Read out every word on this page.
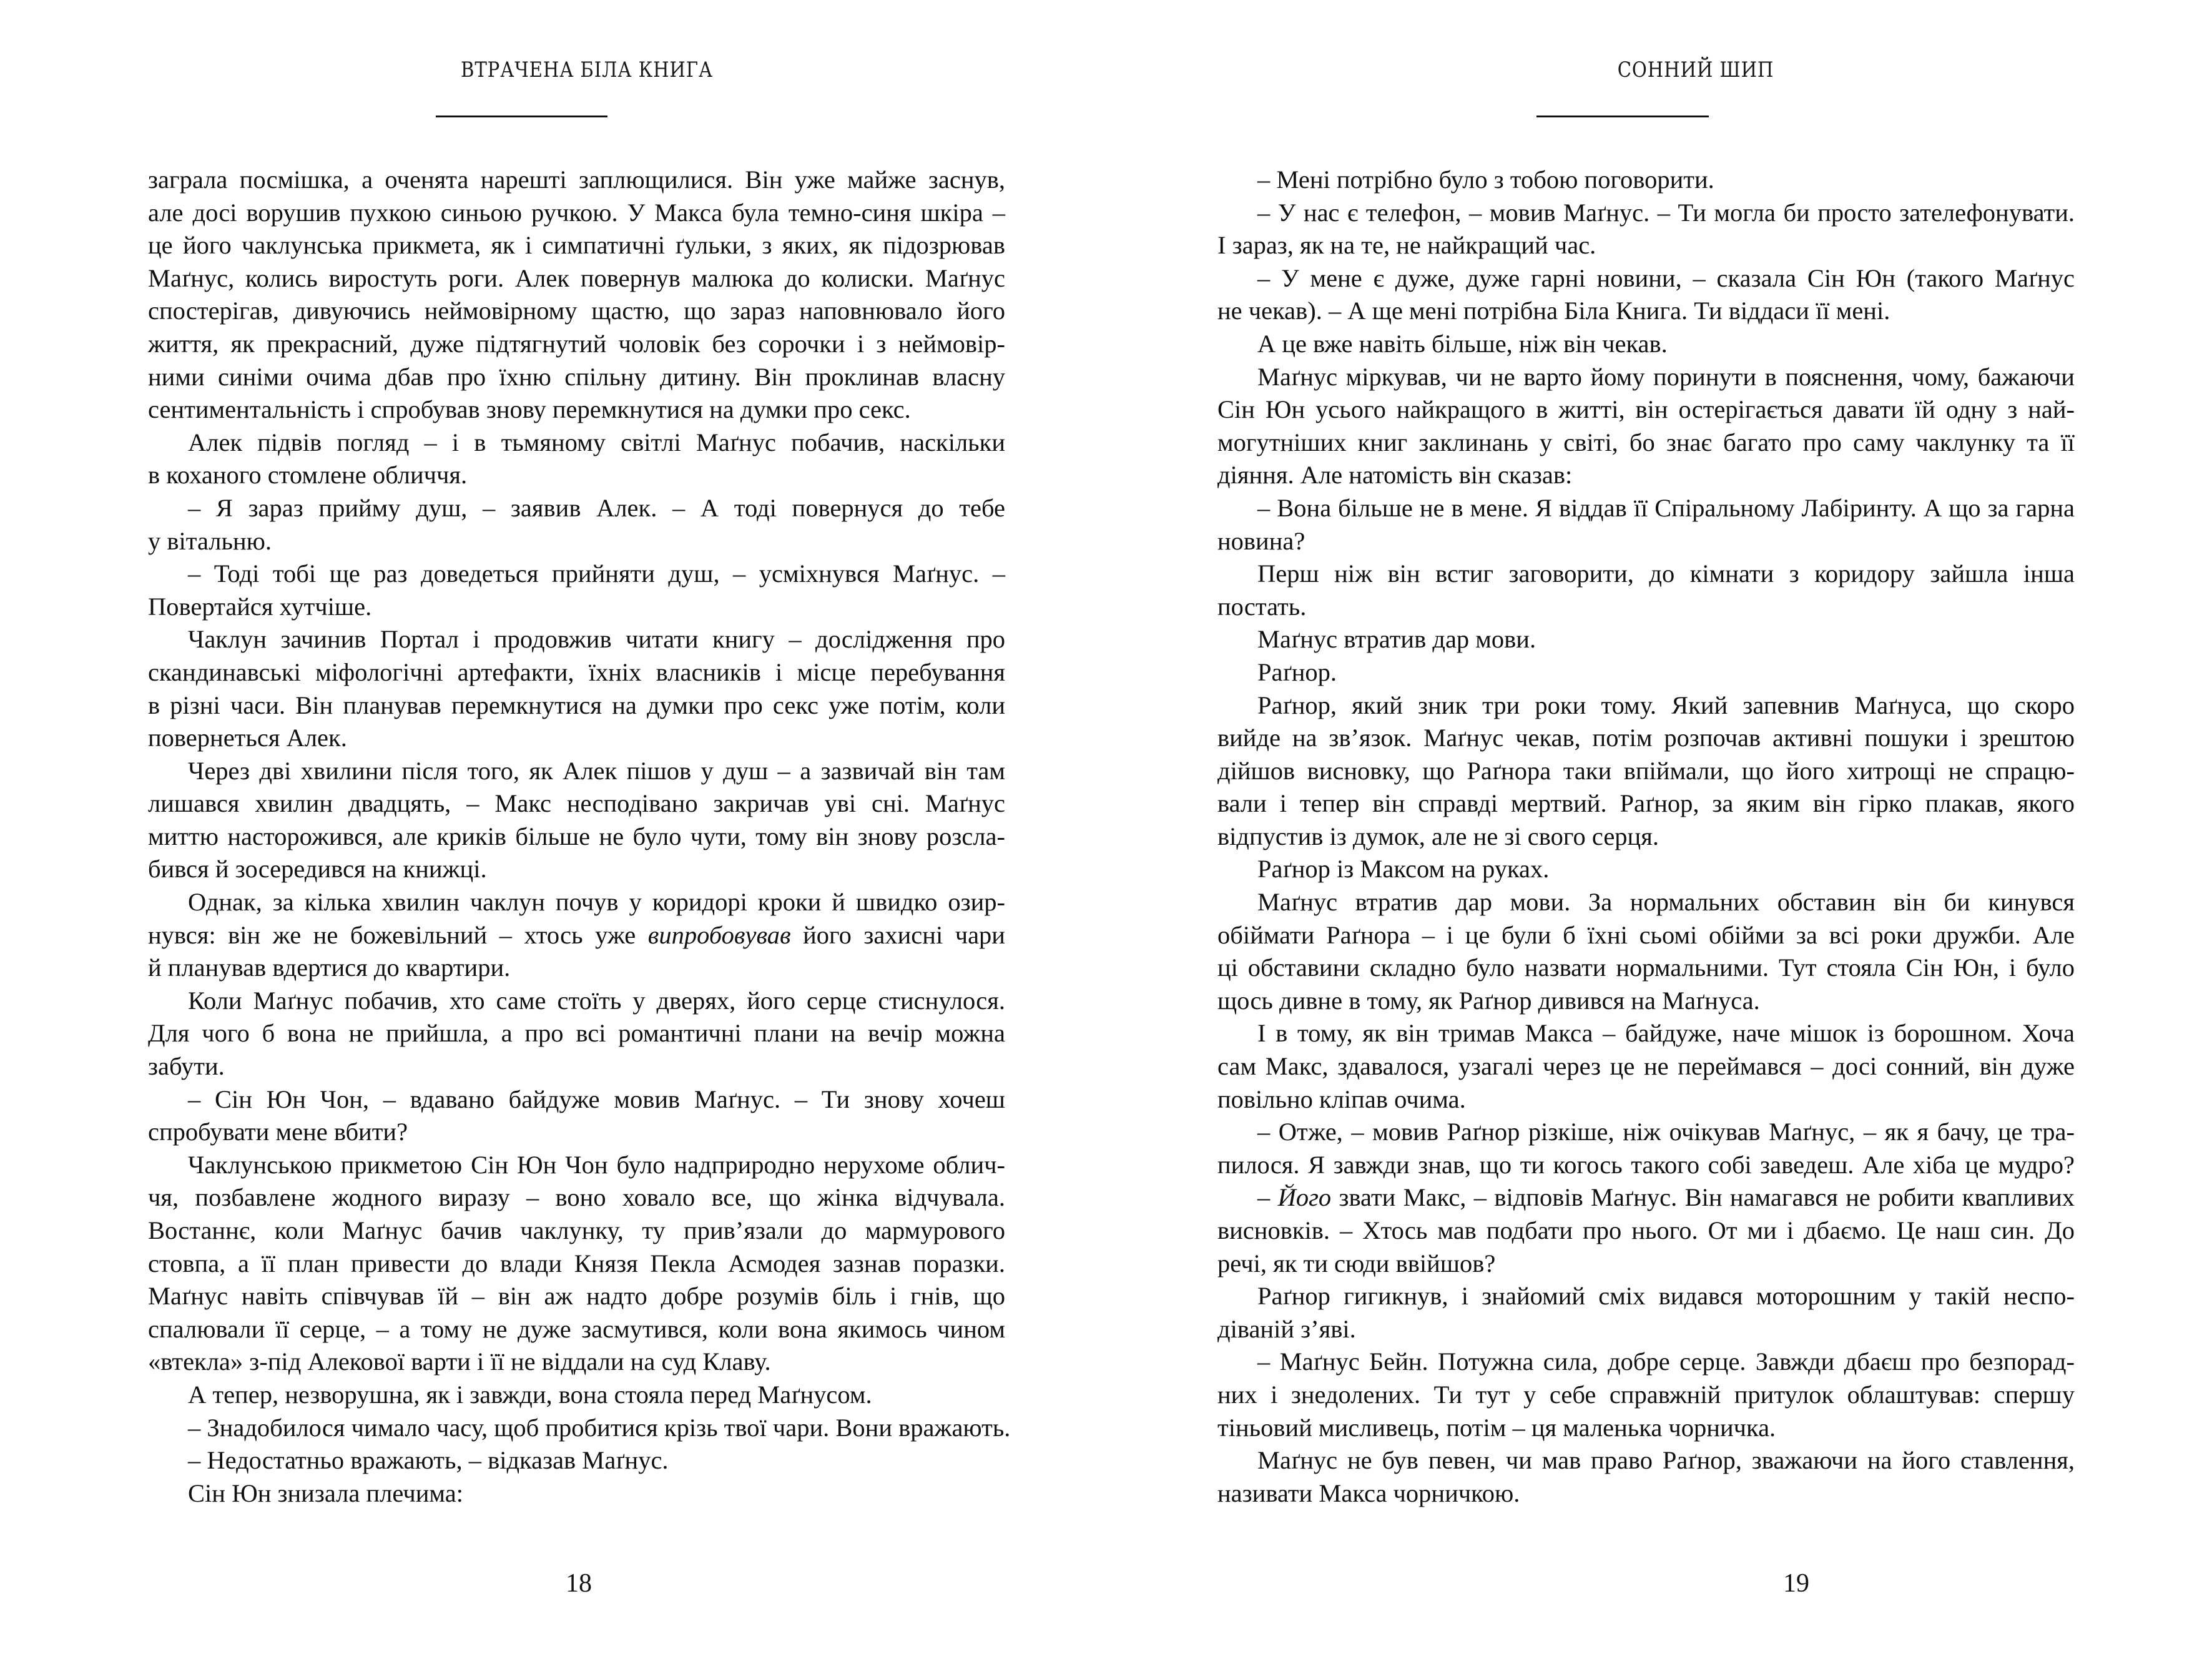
ВТРАЧЕНА БІЛА КНИГА
заграла посмішка, а оченята нарешті заплющилися. Він уже майже заснув,
але досі ворушив пухкою синьою ручкою. У Макса була темно-синя шкіра –
це його чаклунська прикмета, як і симпатичні ґульки, з яких, як підозрював
Маґнус, колись виростуть роги. Алек повернув малюка до колиски. Маґнус
спостерігав, дивуючись неймовірному щастю, що зараз наповнювало його
життя, як прекрасний, дуже підтягнутий чоловік без сорочки і з неймовір-
ними синіми очима дбав про їхню спільну дитину. Він проклинав власну
сентиментальність і спробував знову перемкнутися на думки про секс.
Алек підвів погляд – і в тьмяному світлі Маґнус побачив, наскільки
в коханого стомлене обличчя.
– Я зараз прийму душ, – заявив Алек. – А тоді повернуся до тебе
у вітальню.
– Тоді тобі ще раз доведеться прийняти душ, – усміхнувся Маґнус. –
Повертайся хутчіше.
Чаклун зачинив Портал і продовжив читати книгу – дослідження про
скандинавські міфологічні артефакти, їхніх власників і місце перебування
в різні часи. Він планував перемкнутися на думки про секс уже потім, коли
повернеться Алек.
Через дві хвилини після того, як Алек пішов у душ – а зазвичай він там
лишався хвилин двадцять, – Макс несподівано закричав уві сні. Маґнус
миттю насторожився, але криків більше не було чути, тому він знову розсла-
бився й зосередився на книжці.
Однак, за кілька хвилин чаклун почув у коридорі кроки й швидко озир-
нувся: він же не божевільний – хтось уже випробовував його захисні чари
й планував вдертися до квартири.
Коли Маґнус побачив, хто саме стоїть у дверях, його серце стиснулося.
Для чого б вона не прийшла, а про всі романтичні плани на вечір можна
забути.
– Сін Юн Чон, – вдавано байдуже мовив Маґнус. – Ти знову хочеш
спробувати мене вбити?
Чаклунською прикметою Сін Юн Чон було надприродно нерухоме облич-
чя, позбавлене жодного виразу – воно ховало все, що жінка відчувала.
Востаннє, коли Маґнус бачив чаклунку, ту прив’язали до мармурового
стовпа, а її план привести до влади Князя Пекла Асмодея зазнав поразки.
Маґнус навіть співчував їй – він аж надто добре розумів біль і гнів, що
спалювали її серце, – а тому не дуже засмутився, коли вона якимось чином
«втекла» з-під Алекової варти і її не віддали на суд Клаву.
А тепер, незворушна, як і завжди, вона стояла перед Маґнусом.
– Знадобилося чимало часу, щоб пробитися крізь твої чари. Вони вражають.
– Недостатньо вражають, – відказав Маґнус.
Сін Юн знизала плечима:
18
СОННИЙ ШИП
– Мені потрібно було з тобою поговорити.
– У нас є телефон, – мовив Маґнус. – Ти могла би просто зателефонувати.
І зараз, як на те, не найкращий час.
– У мене є дуже, дуже гарні новини, – сказала Сін Юн (такого Маґнус
не чекав). – А ще мені потрібна Біла Книга. Ти віддаси її мені.
А це вже навіть більше, ніж він чекав.
Маґнус міркував, чи не варто йому поринути в пояснення, чому, бажаючи
Сін Юн усього найкращого в житті, він остерігається давати їй одну з най-
могутніших книг заклинань у світі, бо знає багато про саму чаклунку та її
діяння. Але натомість він сказав:
– Вона більше не в мене. Я віддав її Спіральному Лабіринту. А що за гарна
новина?
Перш ніж він встиг заговорити, до кімнати з коридору зайшла інша
постать.
Маґнус втратив дар мови.
Раґнор.
Раґнор, який зник три роки тому. Який запевнив Маґнуса, що скоро
вийде на зв’язок. Маґнус чекав, потім розпочав активні пошуки і зрештою
дійшов висновку, що Раґнора таки впіймали, що його хитрощі не спрацю-
вали і тепер він справді мертвий. Раґнор, за яким він гірко плакав, якого
відпустив із думок, але не зі свого серця.
Раґнор із Максом на руках.
Маґнус втратив дар мови. За нормальних обставин він би кинувся
обіймати Раґнора – і це були б їхні сьомі обійми за всі роки дружби. Але
ці обставини складно було назвати нормальними. Тут стояла Сін Юн, і було
щось дивне в тому, як Раґнор дивився на Маґнуса.
І в тому, як він тримав Макса – байдуже, наче мішок із борошном. Хоча
сам Макс, здавалося, узагалі через це не переймався – досі сонний, він дуже
повільно кліпав очима.
– Отже, – мовив Раґнор різкіше, ніж очікував Маґнус, – як я бачу, це тра-
пилося. Я завжди знав, що ти когось такого собі заведеш. Але хіба це мудро?
– Його звати Макс, – відповів Маґнус. Він намагався не робити квапливих
висновків. – Хтось мав подбати про нього. От ми і дбаємо. Це наш син. До
речі, як ти сюди ввійшов?
Раґнор гигикнув, і знайомий сміх видався моторошним у такій неспо-
діваній з’яві.
– Маґнус Бейн. Потужна сила, добре серце. Завжди дбаєш про безпорад-
них і знедолених. Ти тут у себе справжній притулок облаштував: спершу
тіньовий мисливець, потім – ця маленька чорничка.
Маґнус не був певен, чи мав право Раґнор, зважаючи на його ставлення,
називати Макса чорничкою.
19
